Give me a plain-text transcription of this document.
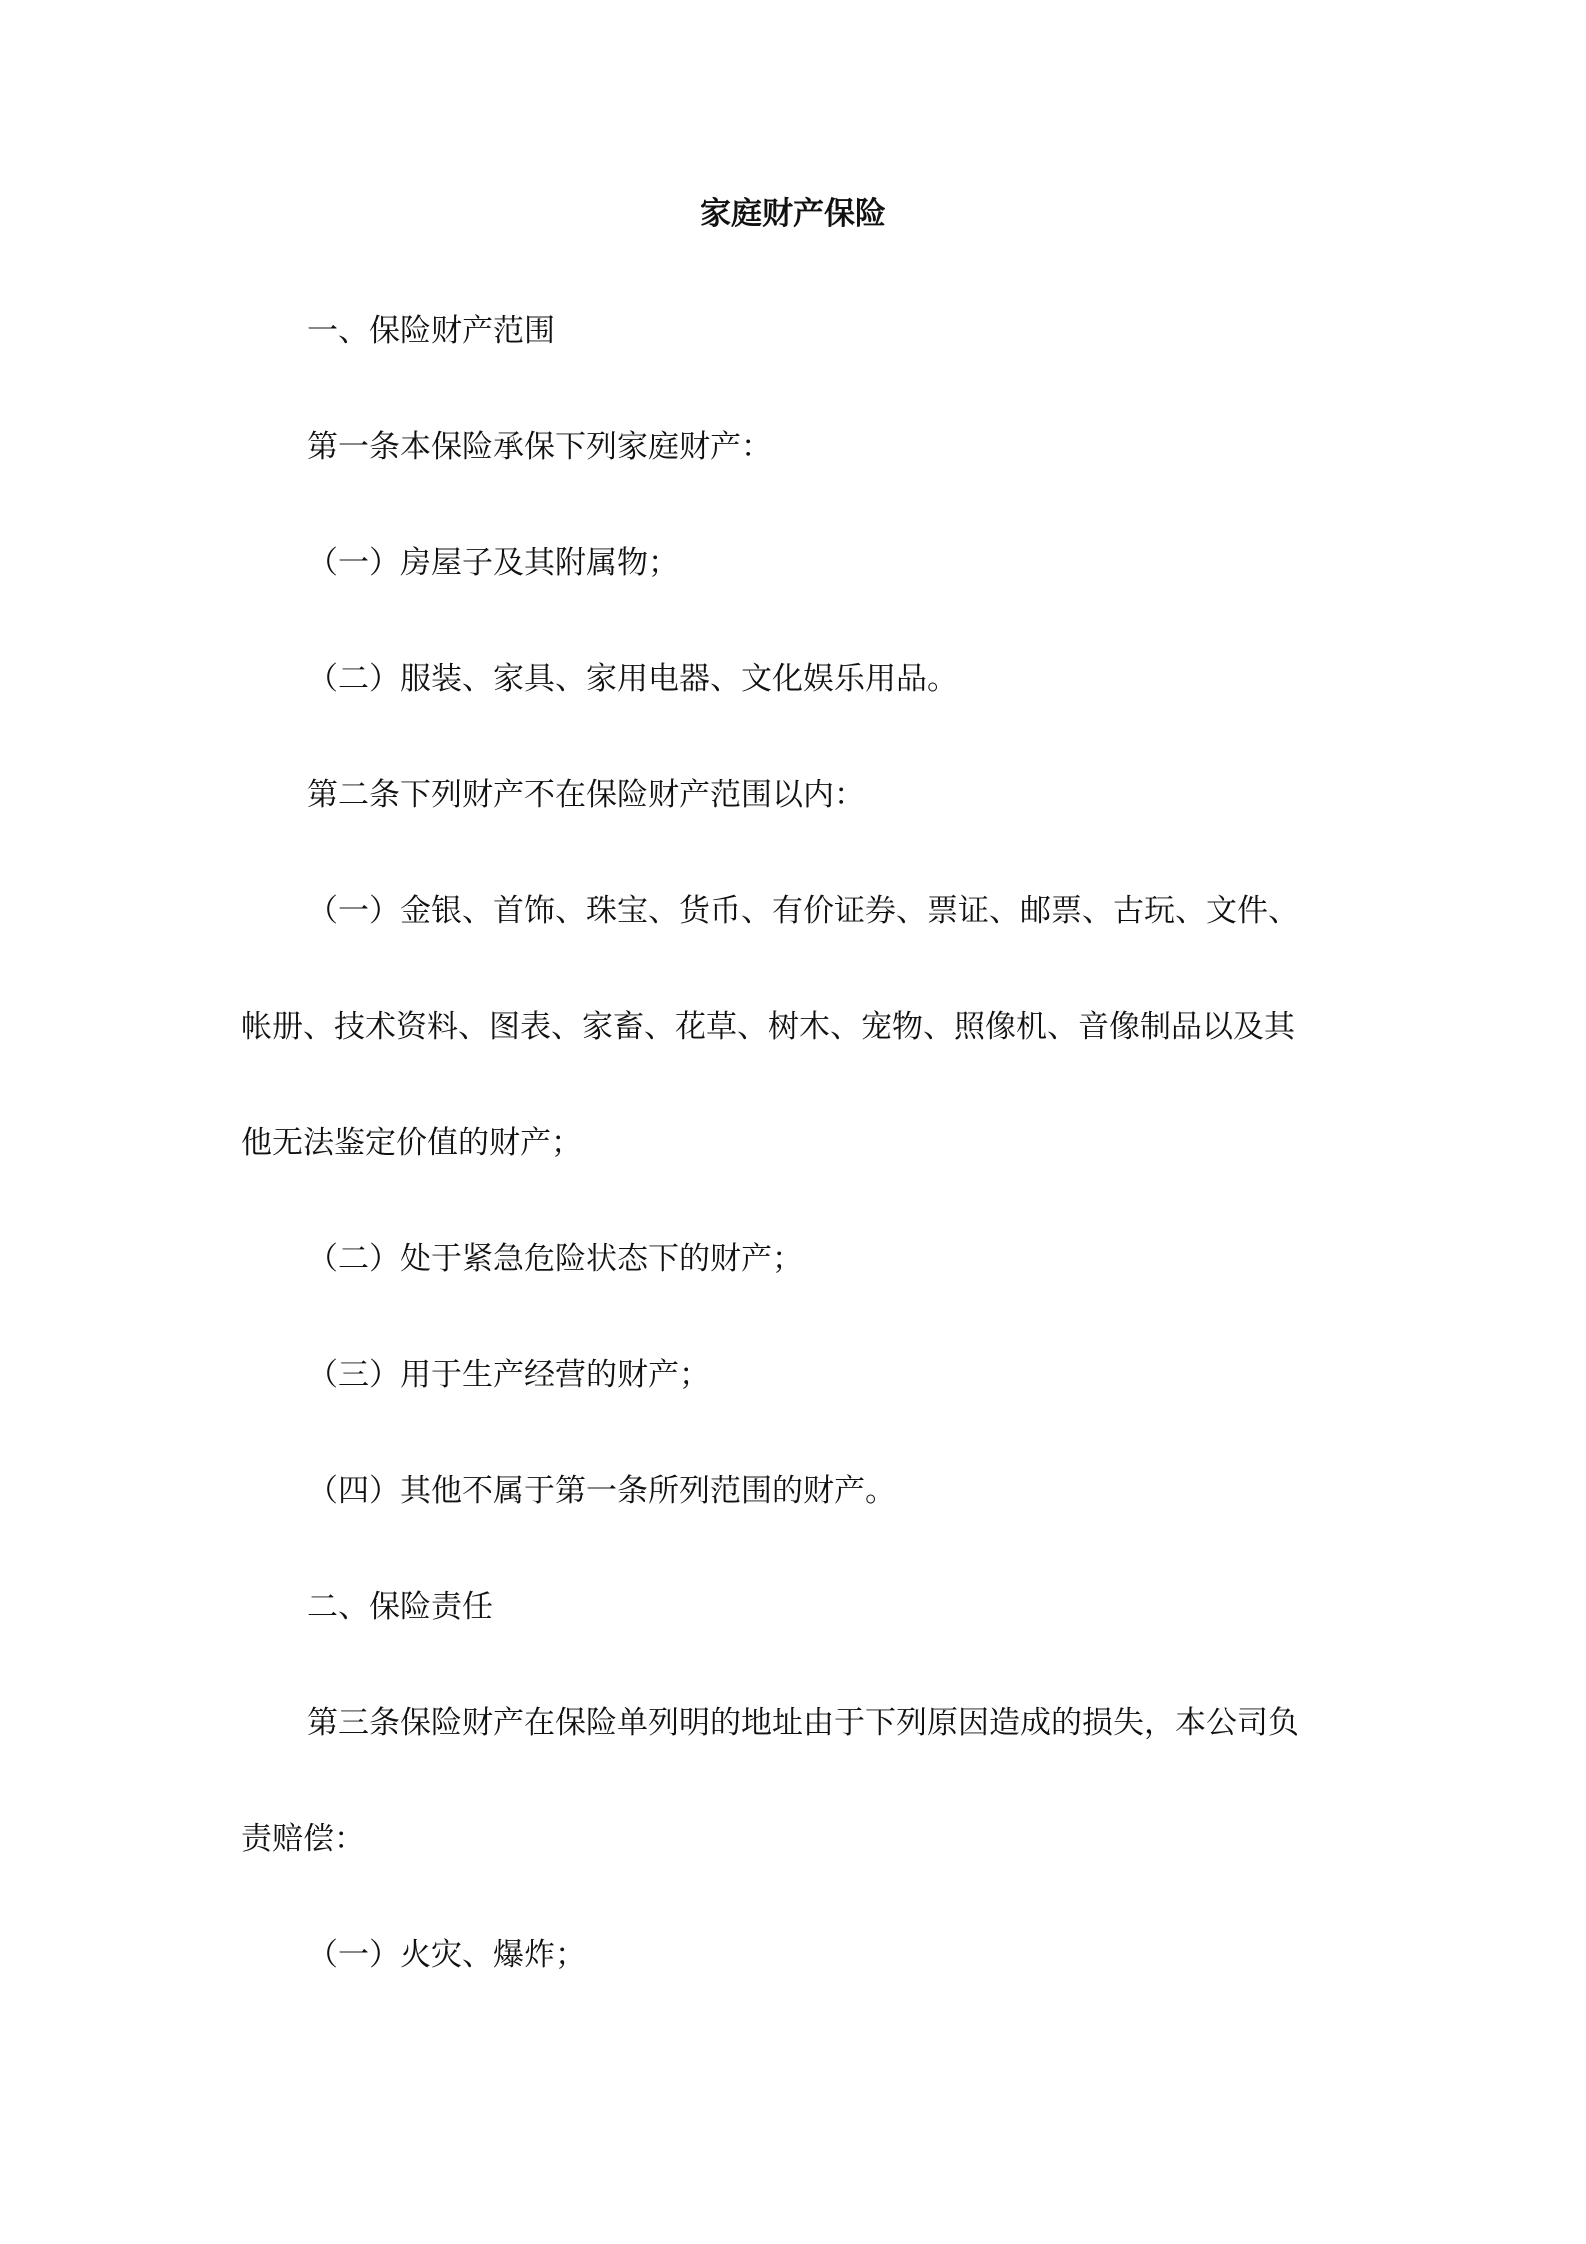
家庭财产保险
一、保险财产范围
第一条本保险承保下列家庭财产：
（一）房屋子及其附属物；
（二）服装、家具、家用电器、文化娱乐用品。
第二条下列财产不在保险财产范围以内：
（一）金银、首饰、珠宝、货币、有价证券、票证、邮票、古玩、文件、
帐册、技术资料、图表、家畜、花草、树木、宠物、照像机、音像制品以及其
他无法鉴定价值的财产；
（二）处于紧急危险状态下的财产；
（三）用于生产经营的财产；
（四）其他不属于第一条所列范围的财产。
二、保险责任
第三条保险财产在保险单列明的地址由于下列原因造成的损失，本公司负
责赔偿：
（一）火灾、爆炸；
